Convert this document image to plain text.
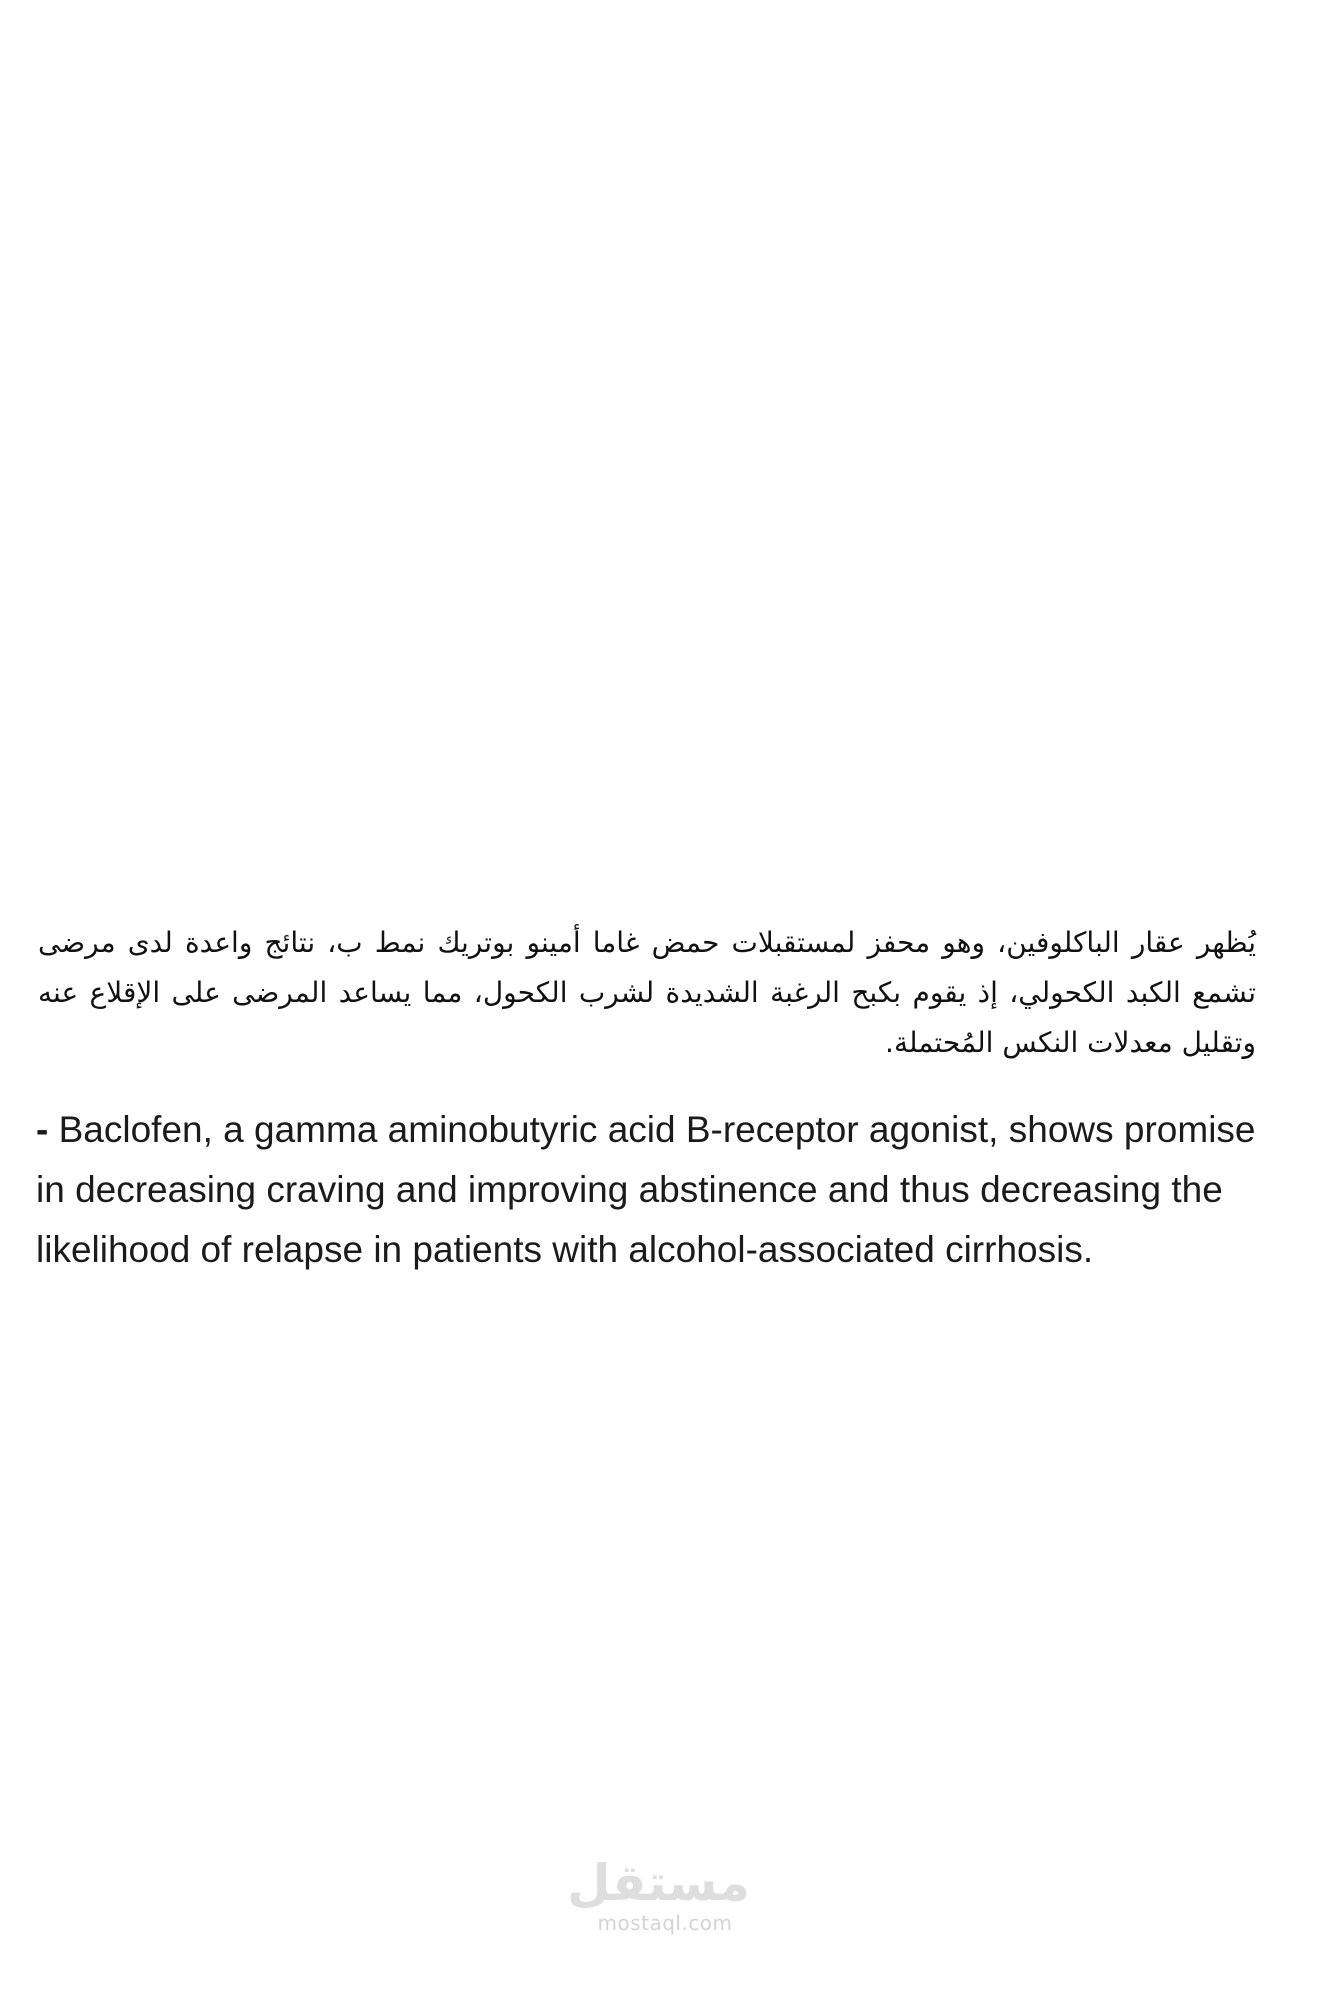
يُظهر عقار الباكلوفين، وهو محفز لمستقبلات حمض غاما أمينو بوتريك نمط ب، نتائج واعدة لدى مرضى تشمع الكبد الكحولي، إذ يقوم بكبح الرغبة الشديدة لشرب الكحول، مما يساعد المرضى على الإقلاع عنه وتقليل معدلات النكس المُحتملة.

- Baclofen, a gamma aminobutyric acid B-receptor agonist, shows promise in decreasing craving and improving abstinence and thus decreasing the likelihood of relapse in patients with alcohol-associated cirrhosis.

مستقل
mostaql.com
